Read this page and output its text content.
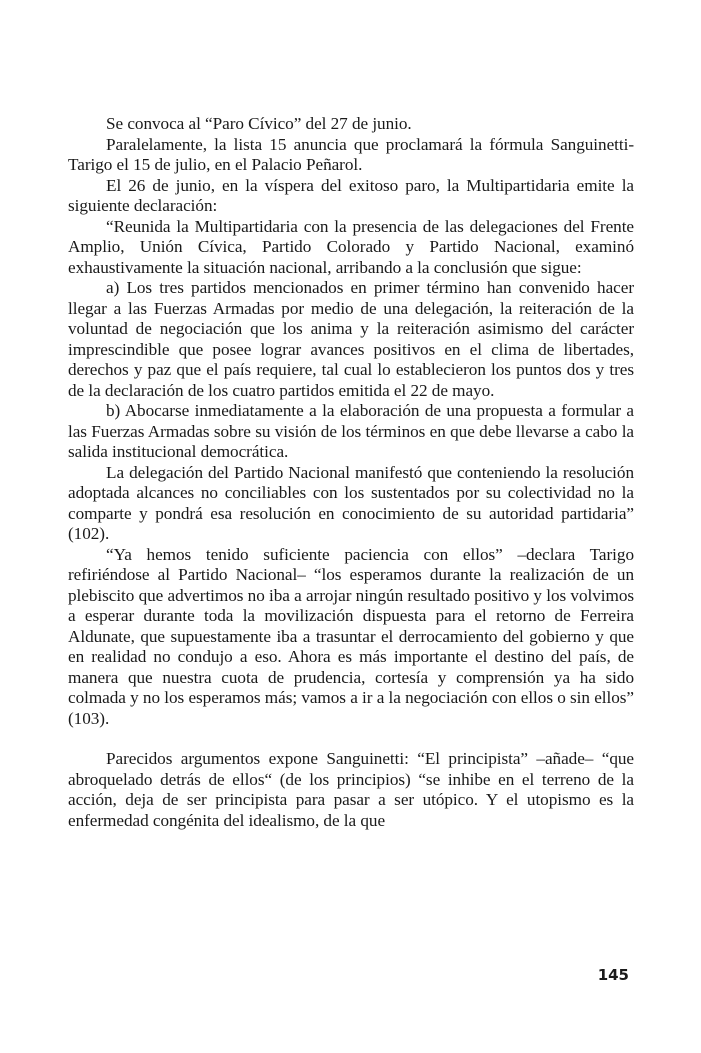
Se convoca al “Paro Cívico” del 27 de junio.

Paralelamente, la lista 15 anuncia que proclamará la fórmula Sanguinetti-Tarigo el 15 de julio, en el Palacio Peñarol.

El 26 de junio, en la víspera del exitoso paro, la Multipartidaria emite la siguiente declaración:

“Reunida la Multipartidaria con la presencia de las delegaciones del Frente Amplio, Unión Cívica, Partido Colorado y Partido Nacional, examinó exhaustivamente la situación nacional, arribando a la conclusión que sigue:

a) Los tres partidos mencionados en primer término han convenido hacer llegar a las Fuerzas Armadas por medio de una delegación, la reiteración de la voluntad de negociación que los anima y la reiteración asimismo del carácter imprescindible que posee lograr avances positivos en el clima de libertades, derechos y paz que el país requiere, tal cual lo establecieron los puntos dos y tres de la declaración de los cuatro partidos emitida el 22 de mayo.

b) Abocarse inmediatamente a la elaboración de una propuesta a formular a las Fuerzas Armadas sobre su visión de los términos en que debe llevarse a cabo la salida institucional democrática.

La delegación del Partido Nacional manifestó que conteniendo la resolución adoptada alcances no conciliables con los sustentados por su colectividad no la comparte y pondrá esa resolución en conocimiento de su autoridad partidaria” (102).

“Ya hemos tenido suficiente paciencia con ellos” –declara Tarigo refiriéndose al Partido Nacional– “los esperamos durante la realización de un plebiscito que advertimos no iba a arrojar ningún resultado positivo y los volvimos a esperar durante toda la movilización dispuesta para el retorno de Ferreira Aldunate, que supuestamente iba a trasuntar el derrocamiento del gobierno y que en realidad no condujo a eso. Ahora es más importante el destino del país, de manera que nuestra cuota de prudencia, cortesía y comprensión ya ha sido colmada y no los esperamos más; vamos a ir a la negociación con ellos o sin ellos” (103).

Parecidos argumentos expone Sanguinetti: “El principista” –añade– “que abroquelado detrás de ellos“ (de los principios) “se inhibe en el terreno de la acción, deja de ser principista para pasar a ser utópico. Y el utopismo es la enfermedad congénita del idealismo, de la que

145
